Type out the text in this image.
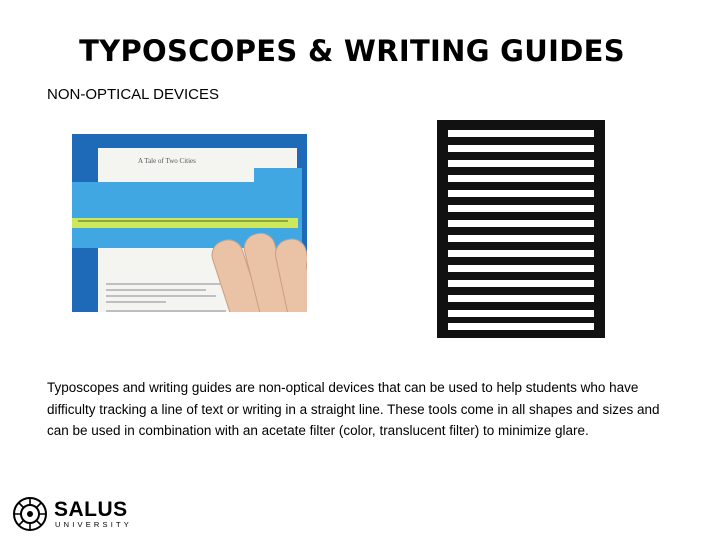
TYPOSCOPES & WRITING GUIDES
NON-OPTICAL DEVICES
A Tale of Two Cities
Typoscopes and writing guides are non-optical devices that can be used to help students who have difficulty tracking a line of text or writing in a straight line. These tools come in all shapes and sizes and can be used in combination with an acetate filter (color, translucent filter) to minimize glare.
SALUS
UNIVERSITY
